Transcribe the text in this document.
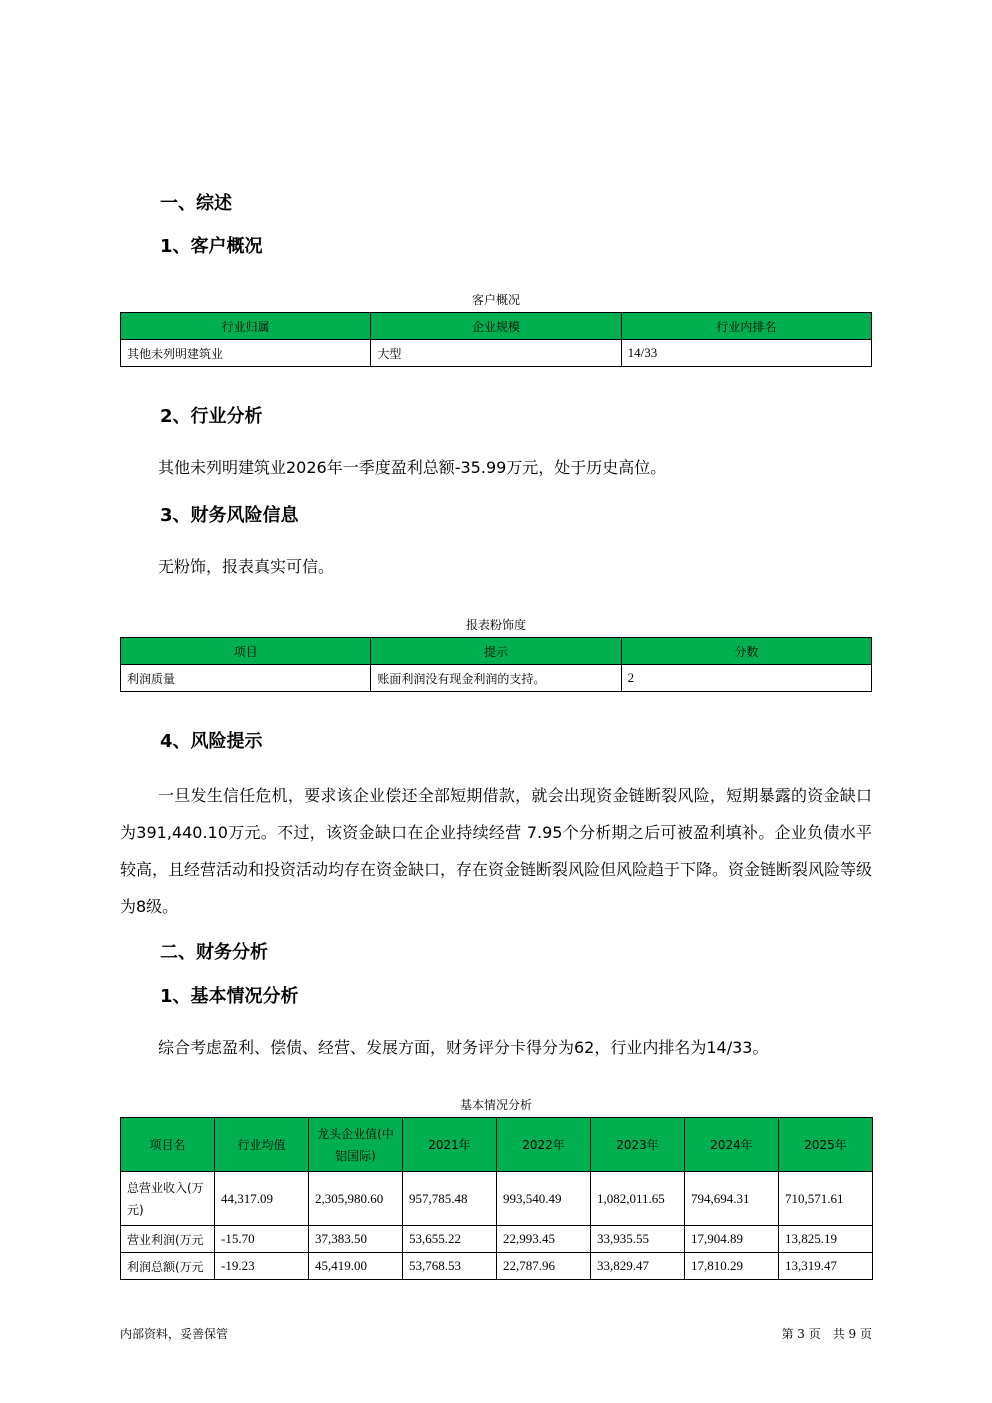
一、综述
1、客户概况
客户概况
行业归属	企业规模	行业内排名
其他未列明建筑业	大型	14/33
2、行业分析
其他未列明建筑业2026年一季度盈利总额-35.99万元，处于历史高位。
3、财务风险信息
无粉饰，报表真实可信。
报表粉饰度
项目	提示	分数
利润质量	账面利润没有现金利润的支持。	2
4、风险提示
一旦发生信任危机，要求该企业偿还全部短期借款，就会出现资金链断裂风险，短期暴露的资金缺口为391,440.10万元。不过，该资金缺口在企业持续经营 7.95个分析期之后可被盈利填补。企业负债水平较高，且经营活动和投资活动均存在资金缺口，存在资金链断裂风险但风险趋于下降。资金链断裂风险等级为8级。
二、财务分析
1、基本情况分析
综合考虑盈利、偿债、经营、发展方面，财务评分卡得分为62，行业内排名为14/33。
基本情况分析
项目名	行业均值	龙头企业值(中铝国际)	2021年	2022年	2023年	2024年	2025年
总营业收入(万元)	44,317.09	2,305,980.60	957,785.48	993,540.49	1,082,011.65	794,694.31	710,571.61
营业利润(万元	-15.70	37,383.50	53,655.22	22,993.45	33,935.55	17,904.89	13,825.19
利润总额(万元	-19.23	45,419.00	53,768.53	22,787.96	33,829.47	17,810.29	13,319.47
内部资料，妥善保管	第 3 页　共 9 页
